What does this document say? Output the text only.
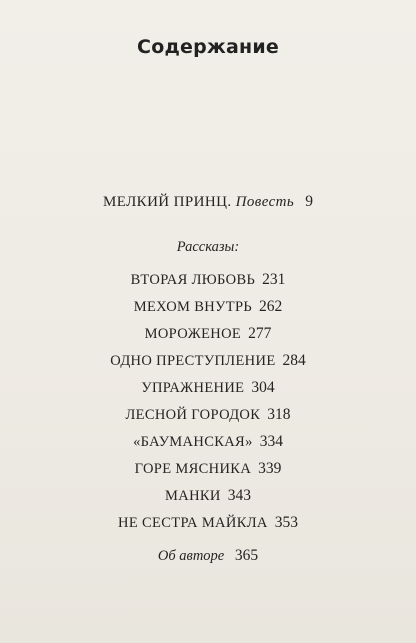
Содержание
МЕЛКИЙ ПРИНЦ. Повесть 9
Рассказы:
ВТОРАЯ ЛЮБОВЬ 231
МЕХОМ ВНУТРЬ 262
МОРОЖЕНОЕ 277
ОДНО ПРЕСТУПЛЕНИЕ 284
УПРАЖНЕНИЕ 304
ЛЕСНОЙ ГОРОДОК 318
«БАУМАНСКАЯ» 334
ГОРЕ МЯСНИКА 339
МАНКИ 343
НЕ СЕСТРА МАЙКЛА 353
Об авторе 365
